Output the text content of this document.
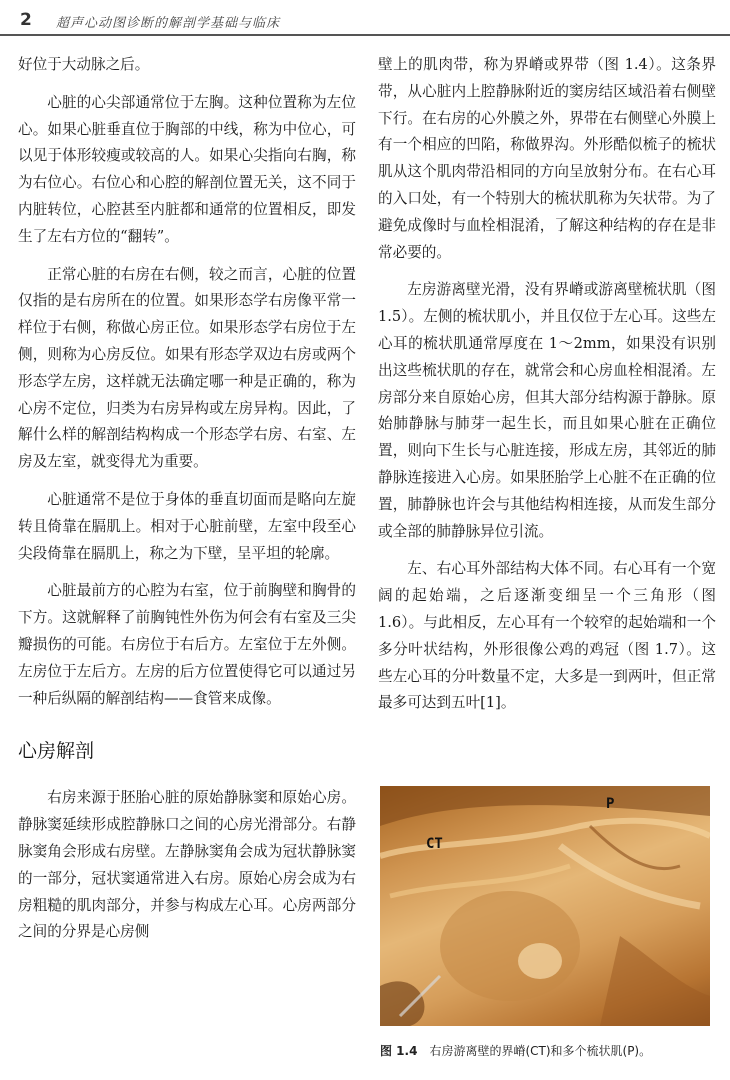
2 超声心动图诊断的解剖学基础与临床

好位于大动脉之后。

心脏的心尖部通常位于左胸。这种位置称为左位心。如果心脏垂直位于胸部的中线，称为中位心，可以见于体形较瘦或较高的人。如果心尖指向右胸，称为右位心。右位心和心腔的解剖位置无关，这不同于内脏转位，心腔甚至内脏都和通常的位置相反，即发生了左右方位的“翻转”。

正常心脏的右房在右侧，较之而言，心脏的位置仅指的是右房所在的位置。如果形态学右房像平常一样位于右侧，称做心房正位。如果形态学右房位于左侧，则称为心房反位。如果有形态学双边右房或两个形态学左房，这样就无法确定哪一种是正确的，称为心房不定位，归类为右房异构或左房异构。因此，了解什么样的解剖结构构成一个形态学右房、右室、左房及左室，就变得尤为重要。

心脏通常不是位于身体的垂直切面而是略向左旋转且倚靠在膈肌上。相对于心脏前壁，左室中段至心尖段倚靠在膈肌上，称之为下壁，呈平坦的轮廓。

心脏最前方的心腔为右室，位于前胸壁和胸骨的下方。这就解释了前胸钝性外伤为何会有右室及三尖瓣损伤的可能。右房位于右后方。左室位于左外侧。左房位于左后方。左房的后方位置使得它可以通过另一种后纵隔的解剖结构——食管来成像。

心房解剖

右房来源于胚胎心脏的原始静脉窦和原始心房。静脉窦延续形成腔静脉口之间的心房光滑部分。右静脉窦角会形成右房壁。左静脉窦角会成为冠状静脉窦的一部分，冠状窦通常进入右房。原始心房会成为右房粗糙的肌肉部分，并参与构成左心耳。心房两部分之间的分界是心房侧

壁上的肌肉带，称为界嵴或界带（图 1.4）。这条界带，从心脏内上腔静脉附近的窦房结区域沿着右侧壁下行。在右房的心外膜之外，界带在右侧壁心外膜上有一个相应的凹陷，称做界沟。外形酷似梳子的梳状肌从这个肌肉带沿相同的方向呈放射分布。在右心耳的入口处，有一个特别大的梳状肌称为矢状带。为了避免成像时与血栓相混淆，了解这种结构的存在是非常必要的。

左房游离壁光滑，没有界嵴或游离壁梳状肌（图 1.5）。左侧的梳状肌小，并且仅位于左心耳。这些左心耳的梳状肌通常厚度在 1～2mm，如果没有识别出这些梳状肌的存在，就常会和心房血栓相混淆。左房部分来自原始心房，但其大部分结构源于静脉。原始肺静脉与肺芽一起生长，而且如果心脏在正确位置，则向下生长与心脏连接，形成左房，其邻近的肺静脉连接进入心房。如果胚胎学上心脏不在正确的位置，肺静脉也许会与其他结构相连接，从而发生部分或全部的肺静脉异位引流。

左、右心耳外部结构大体不同。右心耳有一个宽阔的起始端，之后逐渐变细呈一个三角形（图 1.6）。与此相反，左心耳有一个较窄的起始端和一个多分叶状结构，外形很像公鸡的鸡冠（图 1.7）。这些左心耳的分叶数量不定，大多是一到两叶，但正常最多可达到五叶[1]。

CT
P
图 1.4 右房游离壁的界嵴(CT)和多个梳状肌(P)。
